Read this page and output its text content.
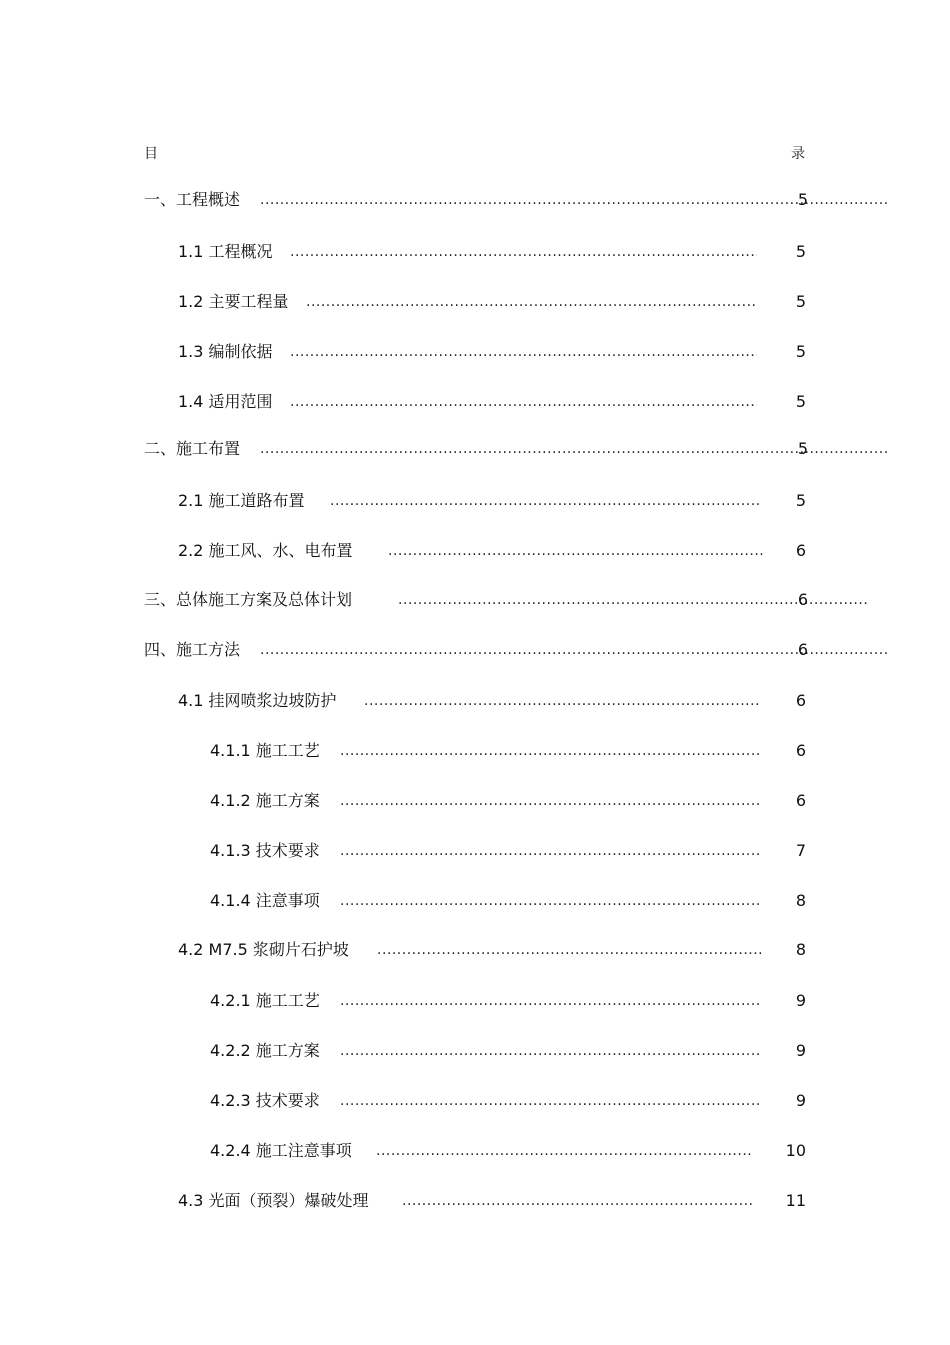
目	录
.....
一、工程概述	5
.....
1.1 工程概况	5
.....
1.2 主要工程量	5
.....
1.3 编制依据	5
.....
1.4 适用范围	5
.....
二、施工布置	5
.....
2.1 施工道路布置	5
.....
2.2 施工风、水、电布置	6
.....
三、总体施工方案及总体计划	6
.....
四、施工方法	6
.....
4.1 挂网喷浆边坡防护	6
.....
4.1.1 施工工艺	6
.....
4.1.2 施工方案	6
.....
4.1.3 技术要求	7
.....
4.1.4 注意事项	8
.....
4.2 M7.5 浆砌片石护坡	8
.....
4.2.1 施工工艺	9
.....
4.2.2 施工方案	9
.....
4.2.3 技术要求	9
.....
4.2.4 施工注意事项	10
.....
4.3 光面（预裂）爆破处理	11
